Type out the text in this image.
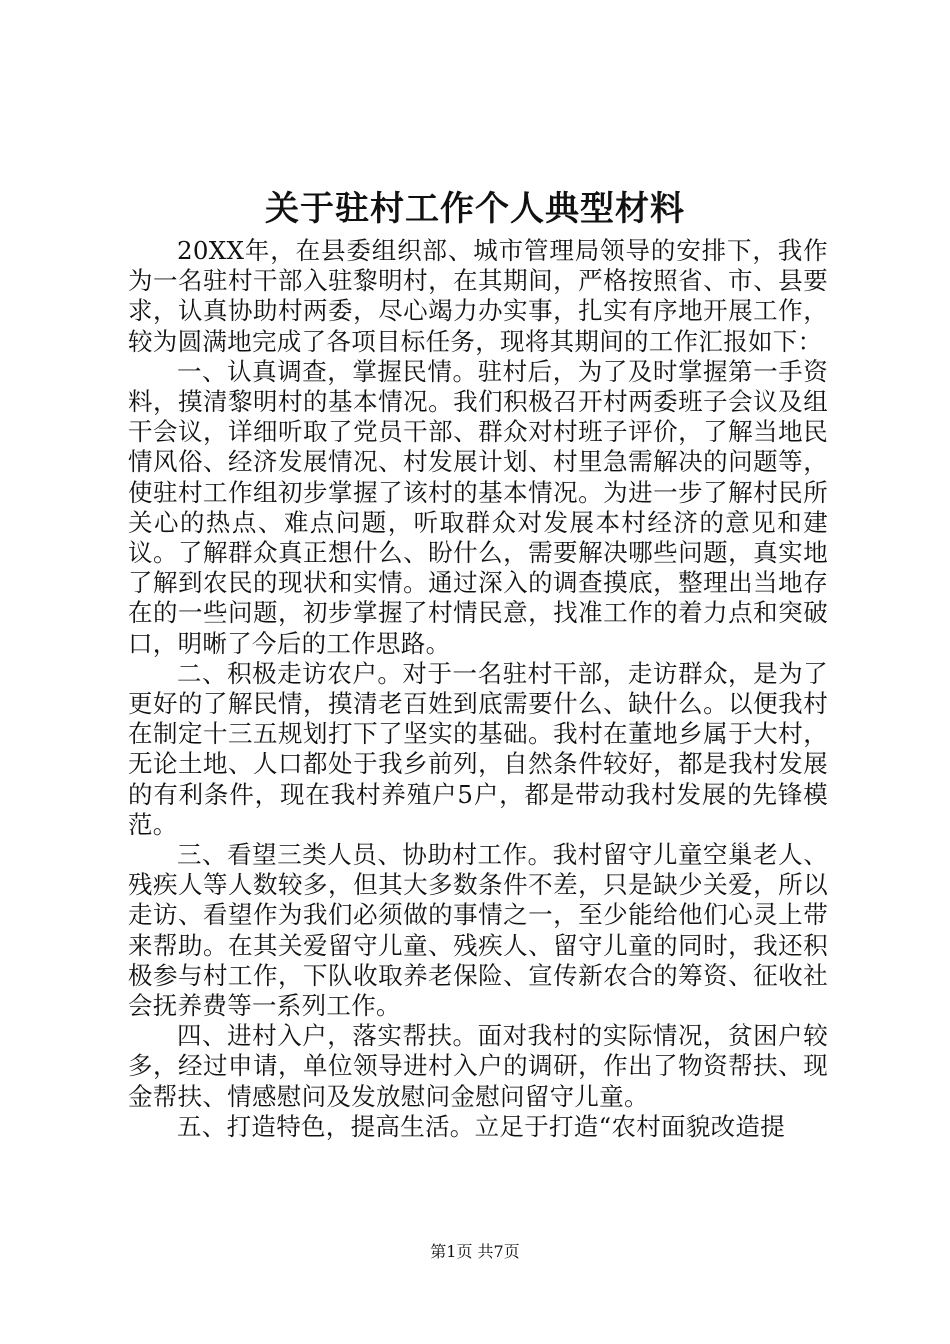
关于驻村工作个人典型材料

20XX年，在县委组织部、城市管理局领导的安排下，我作为一名驻村干部入驻黎明村，在其期间，严格按照省、市、县要求，认真协助村两委，尽心竭力办实事，扎实有序地开展工作，较为圆满地完成了各项目标任务，现将其期间的工作汇报如下：

一、认真调查，掌握民情。驻村后，为了及时掌握第一手资料，摸清黎明村的基本情况。我们积极召开村两委班子会议及组干会议，详细听取了党员干部、群众对村班子评价，了解当地民情风俗、经济发展情况、村发展计划、村里急需解决的问题等，使驻村工作组初步掌握了该村的基本情况。为进一步了解村民所关心的热点、难点问题，听取群众对发展本村经济的意见和建议。了解群众真正想什么、盼什么，需要解决哪些问题，真实地了解到农民的现状和实情。通过深入的调查摸底，整理出当地存在的一些问题，初步掌握了村情民意，找准工作的着力点和突破口，明晰了今后的工作思路。

二、积极走访农户。对于一名驻村干部，走访群众，是为了更好的了解民情，摸清老百姓到底需要什么、缺什么。以便我村在制定十三五规划打下了坚实的基础。我村在董地乡属于大村，无论土地、人口都处于我乡前列，自然条件较好，都是我村发展的有利条件，现在我村养殖户5户，都是带动我村发展的先锋模范。

三、看望三类人员、协助村工作。我村留守儿童空巢老人、残疾人等人数较多，但其大多数条件不差，只是缺少关爱，所以走访、看望作为我们必须做的事情之一，至少能给他们心灵上带来帮助。在其关爱留守儿童、残疾人、留守儿童的同时，我还积极参与村工作，下队收取养老保险、宣传新农合的筹资、征收社会抚养费等一系列工作。

四、进村入户，落实帮扶。面对我村的实际情况，贫困户较多，经过申请，单位领导进村入户的调研，作出了物资帮扶、现金帮扶、情感慰问及发放慰问金慰问留守儿童。

五、打造特色，提高生活。立足于打造“农村面貌改造提

第1页 共7页
